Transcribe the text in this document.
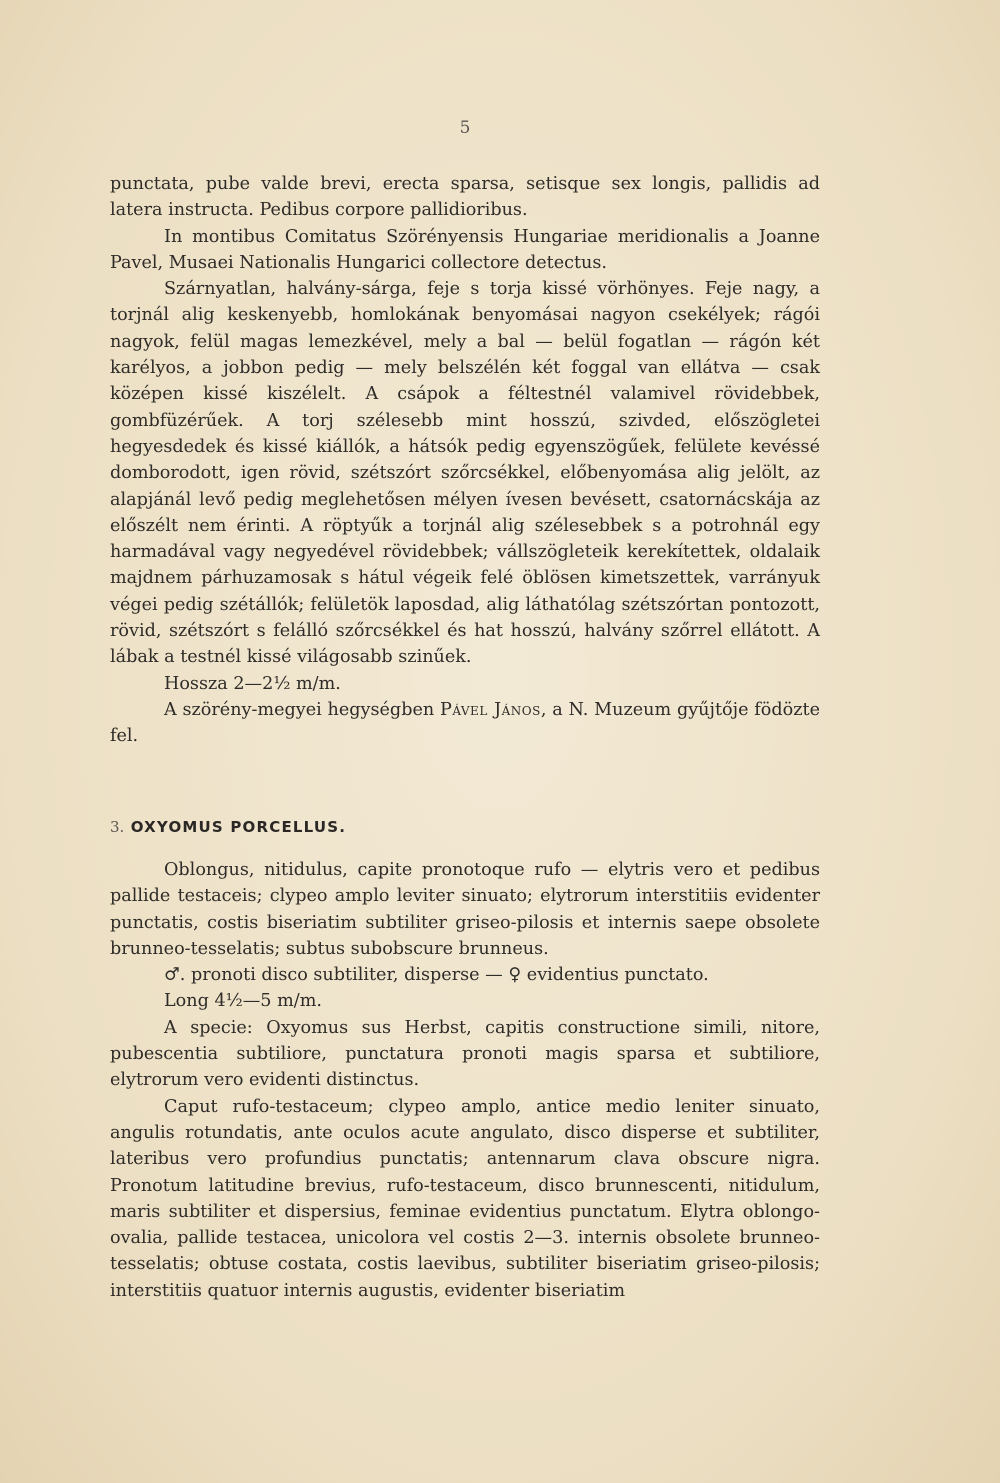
5

punctata, pube valde brevi, erecta sparsa, setisque sex longis, pallidis ad latera instructa. Pedibus corpore pallidioribus.

In montibus Comitatus Szörényensis Hungariae meridionalis a Joanne Pavel, Musaei Nationalis Hungarici collectore detectus.

Szárnyatlan, halvány-sárga, feje s torja kissé vörhönyes. Feje nagy, a torjnál alig keskenyebb, homlokának benyomásai nagyon csekélyek; rágói nagyok, felül magas lemezkével, mely a bal — belül fogatlan — rágón két karélyos, a jobbon pedig — mely belszélén két foggal van ellátva — csak középen kissé kiszélelt. A csápok a féltestnél valamivel rövidebbek, gombfüzérűek. A torj szélesebb mint hosszú, szivded, előszögletei hegyesdedek és kissé kiállók, a hátsók pedig egyenszögűek, felülete kevéssé domborodott, igen rövid, szétszórt szőrcsékkel, előbenyomása alig jelölt, az alapjánál levő pedig meglehetősen mélyen ívesen bevésett, csatornácskája az előszélt nem érinti. A röptyűk a torjnál alig szélesebbek s a potrohnál egy harmadával vagy negyedével rövidebbek; vállszögleteik kerekítettek, oldalaik majdnem párhuzamosak s hátul végeik felé öblösen kimetszettek, varrányuk végei pedig szétállók; felületök laposdad, alig láthatólag szétszórtan pontozott, rövid, szétszórt s felálló szőrcsékkel és hat hosszú, halvány szőrrel ellátott. A lábak a testnél kissé világosabb szinűek.

Hossza 2—2½ m/m.

A szörény-megyei hegységben Pável János, a N. Muzeum gyűjtője födözte fel.

3. OXYOMUS PORCELLUS.

Oblongus, nitidulus, capite pronotoque rufo — elytris vero et pedibus pallide testaceis; clypeo amplo leviter sinuato; elytrorum interstitiis evidenter punctatis, costis biseriatim subtiliter griseo-pilosis et internis saepe obsolete brunneo-tesselatis; subtus subobscure brunneus.

♂. pronoti disco subtiliter, disperse — ♀ evidentius punctato.

Long 4½—5 m/m.

A specie: Oxyomus sus Herbst, capitis constructione simili, nitore, pubescentia subtiliore, punctatura pronoti magis sparsa et subtiliore, elytrorum vero evidenti distinctus.

Caput rufo-testaceum; clypeo amplo, antice medio leniter sinuato, angulis rotundatis, ante oculos acute angulato, disco disperse et subtiliter, lateribus vero profundius punctatis; antennarum clava obscure nigra. Pronotum latitudine brevius, rufo-testaceum, disco brunnescenti, nitidulum, maris subtiliter et dispersius, feminae evidentius punctatum. Elytra oblongo-ovalia, pallide testacea, unicolora vel costis 2—3. internis obsolete brunneo-tesselatis; obtuse costata, costis laevibus, subtiliter biseriatim griseo-pilosis; interstitiis quatuor internis augustis, evidenter biseriatim
